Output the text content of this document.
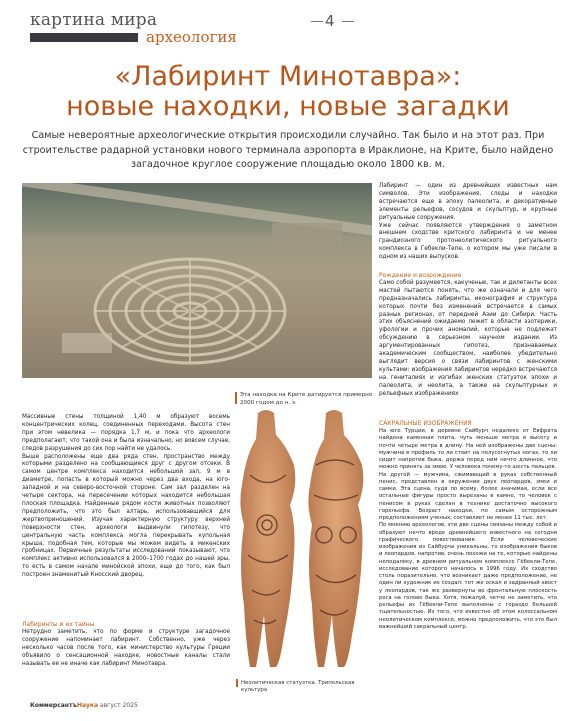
картина мира
археология
4
«Лабиринт Минотавра»:
новые находки, новые загадки

Самые невероятные археологические открытия происходили случайно. Так было и на этот раз. При строительстве радарной установки нового терминала аэропорта в Ираклионе, на Крите, было найдено загадочное круглое сооружение площадью около 1800 кв. м.

Эта находка на Крите датируется примерно 2000 годом до н. э.

Лабиринт — один из древнейших известных нам символов. Эти изображения, следы и находки встречаются еще в эпоху палеолита, и декоративные элементы рельефов, сосудов и скульптур, и крупные ритуальные сооружения.

Уже сейчас появляются утверждения о заметном внешнем сходстве критского лабиринта и не менее грандиозного протонеолитического ритуального комплекса в Гебекли-Тепе, о котором мы уже писали в одном из наших выпусков.

Рождение и возрождение

Само собой разумеется, какученые, так и дилетанты всех мастей пытаются понять, что же означали и для чего предназначались лабиринты, иконография и структура которых почти без изменений встречается в самых разных регионах, от передней Азии до Сибири. Часть этих объяснений ожидаемо лежит в области эзотерики, уфологии и прочих аномалий, которые не подлежат обсуждению в серьезном научном издании. Из аргументированных гипотез, признаваемых академическим сообществом, наиболее убедительно выглядит версия о связи лабиринтов с женскими культами: изображения лабиринтов нередко встречаются на гениталиях и изгибах женских статуэток эпохи и палеолита, и неолита, а также на скульптурных и рельефных изображениях

Массивные стены толщиной 1,40 м образуют восемь концентрических колец, соединенных переходами. Высота стен при этом невелика — порядка 1,7 м, и пока что археологи предполагают, что такой она и была изначально, но вовсем случае, следов разрушения до сих пор найти не удалось.

Выше расположены еще два ряда стен, пространство между которыми разделено на сообщающиеся друг с другом отсеки. В самом центре комплекса находится небольшой зал, 9 м в диаметре, попасть в который можно через два входа, на юго-западной и на северо-восточной стороне. Сам зал разделен на четыре сектора, на пересечении которых находится небольшая плоская площадка. Найденные рядом кости животных позволяют предположить, что это был алтарь, использовавшийся для жертвоприношений. Изучая характерную структуру верхней поверхности стен, археологи выдвинули гипотезу, что центральную часть комплекса могла перекрывать купольная крыша, подобная тем, которые мы можем видеть в микенских гробницах. Первичные результаты исследований показывают, что комплекс активно использовался в 2000–1700 годах до нашей эры, то есть в самом начале минойской эпохи, еще до того, как был построен знаменитый Кносский дворец.

Лабиринты и их тайны

Нетрудно заметить, что по форме и структуре загадочное сооружение напоминает лабиринт. Собственно, уже через несколько часов после того, как министерство культуры Греции объявило о сенсационной находке, новостные каналы стали называть ее не иначе как лабиринт Минотавра.

Неолитическая статуэтка. Трипольская культура
САКРАЛЬНЫЕ ИЗОБРАЖЕНИЯ

На юге Турции, в деревне Сайбурч недалеко от Евфрата найдена каменная плита, чуть меньше метра в высоту и почти четыре метра в длину. На ней изображены две сцены: мужчина в профиль то ли стоит на полусогнутых ногах, то ли сидит напротив быка, держа перед ним нечто длинное, что можно принять за змею. У человека почему-то шесть пальцев.

На другой — мужчина, сжимающий в руках собственный пенис, представлен в окружении двух леопардов, змеи и самки. Эта сцена, судя по всему, более значимая, если все остальные фигуры просто вырезаны в камне, то человек с пенисом в руках сделан в технике достаточно высокого горельефа. Возраст находки, по самым осторожным предположениям ученых, составляет не менее 11 тыс. лет.

По мнению археологов, эти две сцены связаны между собой и образуют нечто вроде древнейшего известного на сегодня графического повествования. Если человеческие изображения из Сайбурча уникальны, то изображения быков и леопардов, напротив, очень похожи на те, которые найдены неподалеку, в древнем ритуальном комплексе Гёбекли-Тепе, исследование которого началось в 1996 году. Их сходство столь поразительно, что возникает даже предположение, не один ли художник их создал: тот же оскал и задранный хвост у леопардов, так же развернуты во фронтальную плоскость рога на голове быка. Хотя, пожалуй, четче не заметить, что рельефы из Гёбекли-Тепе выполнены с гораздо большей тщательностью. Из того, что известно об этом колоссальном неолитическом комплексе, можно предположить, что это был важнейший сакральный центр.

КоммерсантъНаука август 2025
